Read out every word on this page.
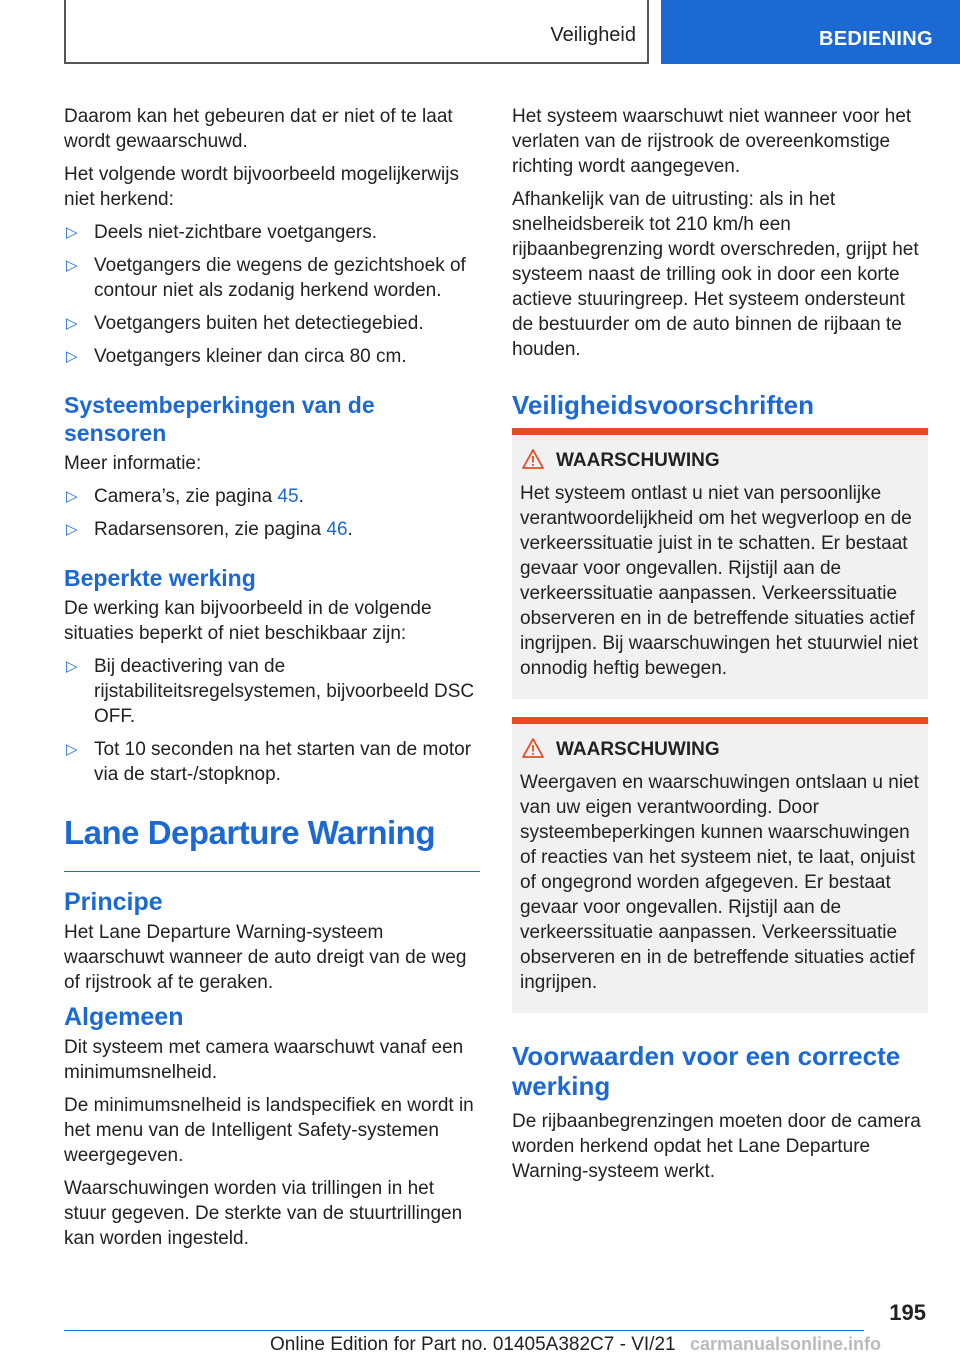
Veiligheid	BEDIENING

Daarom kan het gebeuren dat er niet of te laat wordt gewaarschuwd.

Het volgende wordt bijvoorbeeld mogelijkerwijs niet herkend:

▷ Deels niet-zichtbare voetgangers.
▷ Voetgangers die wegens de gezichtshoek of contour niet als zodanig herkend worden.
▷ Voetgangers buiten het detectiegebied.
▷ Voetgangers kleiner dan circa 80 cm.
Systeembeperkingen van de sensoren

Meer informatie:

▷ Camera’s, zie pagina 45.
▷ Radarsensoren, zie pagina 46.
Beperkte werking

De werking kan bijvoorbeeld in de volgende situaties beperkt of niet beschikbaar zijn:

▷ Bij deactivering van de rijstabiliteitsregelsystemen, bijvoorbeeld DSC OFF.
▷ Tot 10 seconden na het starten van de motor via de start-/stopknop.
Lane Departure Warning
Principe

Het Lane Departure Warning-systeem waarschuwt wanneer de auto dreigt van de weg of rijstrook af te geraken.

Algemeen

Dit systeem met camera waarschuwt vanaf een minimumsnelheid.

De minimumsnelheid is landspecifiek en wordt in het menu van de Intelligent Safety-systemen weergegeven.

Waarschuwingen worden via trillingen in het stuur gegeven. De sterkte van de stuurtrillingen kan worden ingesteld.

Het systeem waarschuwt niet wanneer voor het verlaten van de rijstrook de overeenkomstige richting wordt aangegeven.

Afhankelijk van de uitrusting: als in het snelheidsbereik tot 210 km/h een rijbaanbegrenzing wordt overschreden, grijpt het systeem naast de trilling ook in door een korte actieve stuuringreep. Het systeem ondersteunt de bestuurder om de auto binnen de rijbaan te houden.

Veiligheidsvoorschriften
WAARSCHUWING

Het systeem ontlast u niet van persoonlijke verantwoordelijkheid om het wegverloop en de verkeerssituatie juist in te schatten. Er bestaat gevaar voor ongevallen. Rijstijl aan de verkeerssituatie aanpassen. Verkeerssituatie observeren en in de betreffende situaties actief ingrijpen. Bij waarschuwingen het stuurwiel niet onnodig heftig bewegen.

WAARSCHUWING

Weergaven en waarschuwingen ontslaan u niet van uw eigen verantwoording. Door systeembeperkingen kunnen waarschuwingen of reacties van het systeem niet, te laat, onjuist of ongegrond worden afgegeven. Er bestaat gevaar voor ongevallen. Rijstijl aan de verkeerssituatie aanpassen. Verkeerssituatie observeren en in de betreffende situaties actief ingrijpen.

Voorwaarden voor een correcte werking

De rijbaanbegrenzingen moeten door de camera worden herkend opdat het Lane Departure Warning-systeem werkt.

195
Online Edition for Part no. 01405A382C7 - VI/21 carmanualsonline.info
